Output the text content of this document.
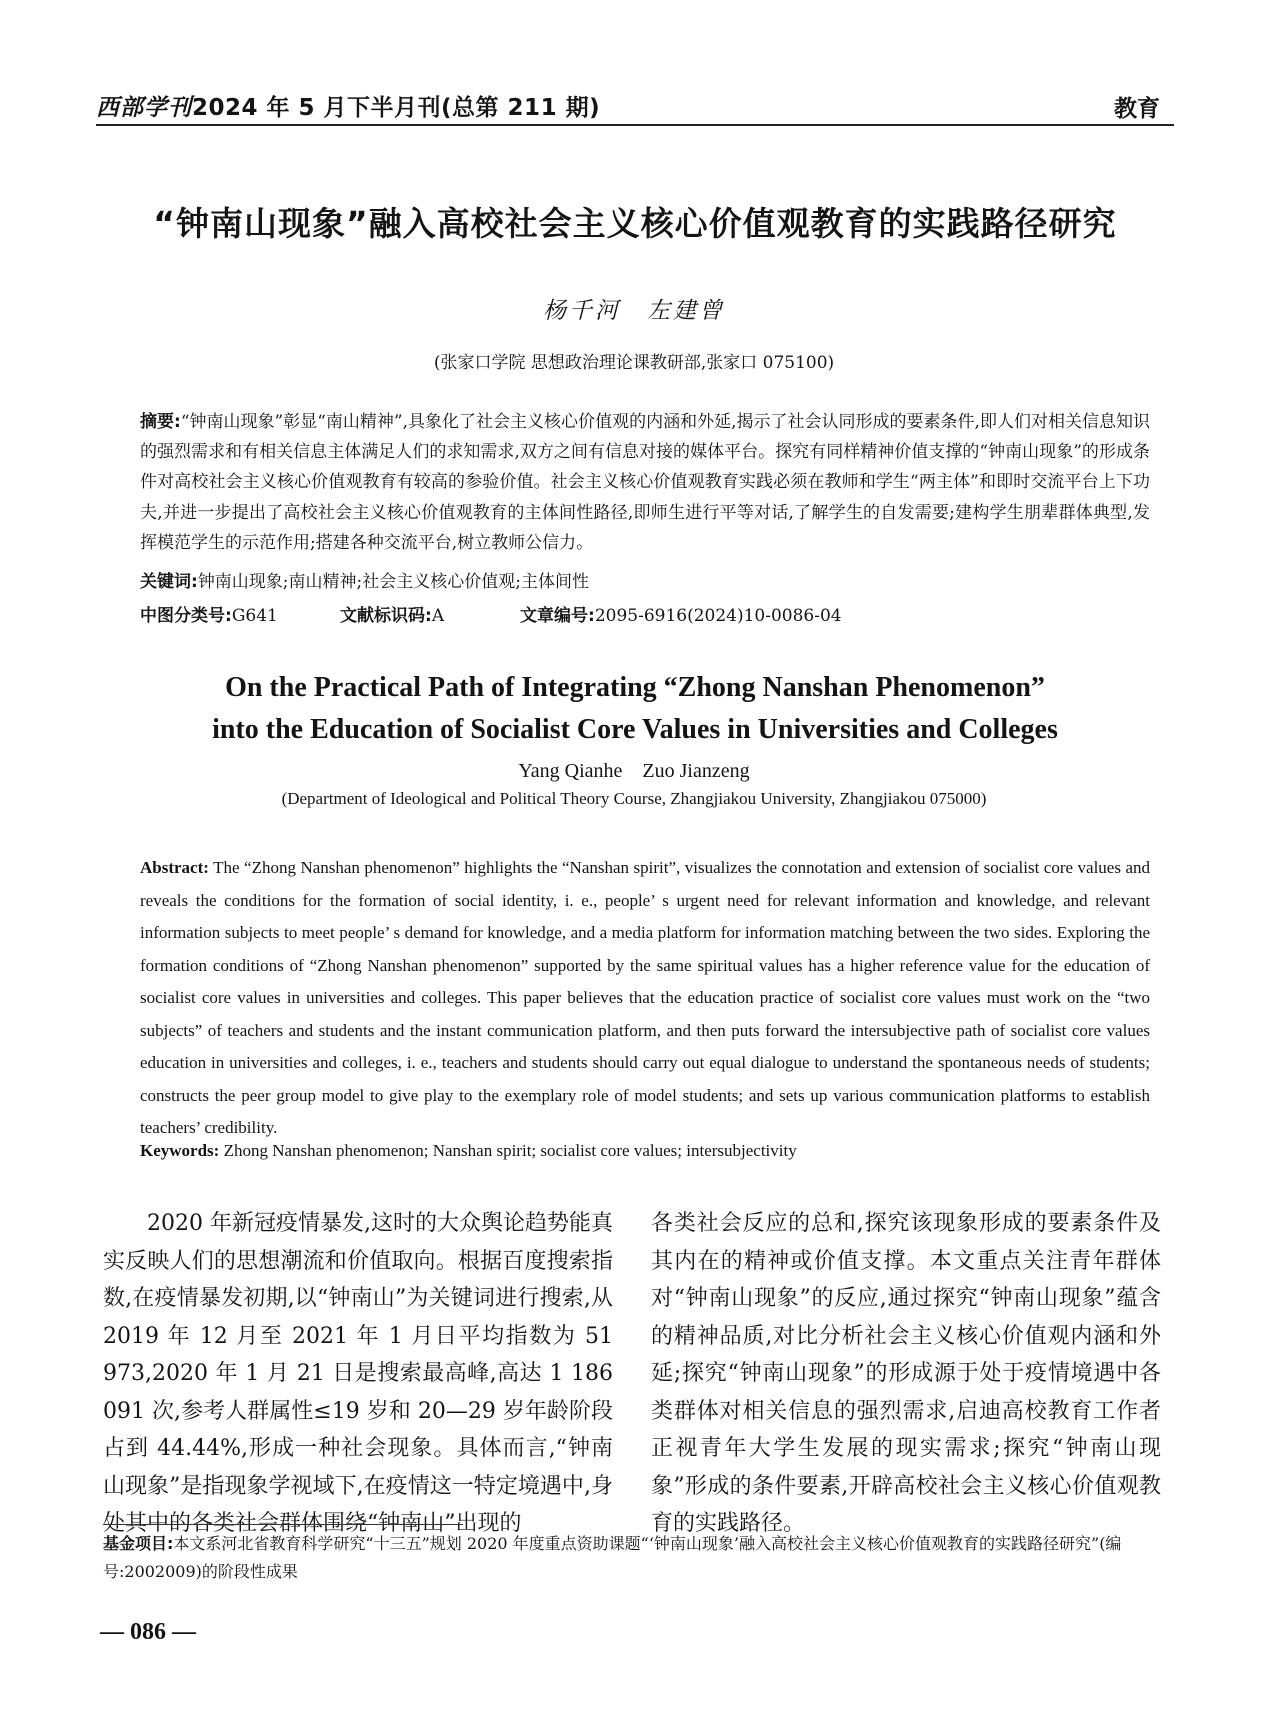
西部学刊2024 年 5 月下半月刊(总第 211 期)	教育
“钟南山现象”融入高校社会主义核心价值观教育的实践路径研究
杨千河　左建曾
(张家口学院 思想政治理论课教研部,张家口 075100)
摘要:“钟南山现象”彰显“南山精神”,具象化了社会主义核心价值观的内涵和外延,揭示了社会认同形成的要素条件,即人们对相关信息知识的强烈需求和有相关信息主体满足人们的求知需求,双方之间有信息对接的媒体平台。探究有同样精神价值支撑的“钟南山现象”的形成条件对高校社会主义核心价值观教育有较高的参验价值。社会主义核心价值观教育实践必须在教师和学生“两主体”和即时交流平台上下功夫,并进一步提出了高校社会主义核心价值观教育的主体间性路径,即师生进行平等对话,了解学生的自发需要;建构学生朋辈群体典型,发挥模范学生的示范作用;搭建各种交流平台,树立教师公信力。
关键词:钟南山现象;南山精神;社会主义核心价值观;主体间性
中图分类号:G641	文献标识码:A	文章编号:2095-6916(2024)10-0086-04
On the Practical Path of Integrating “Zhong Nanshan Phenomenon”
into the Education of Socialist Core Values in Universities and Colleges
Yang Qianhe　Zuo Jianzeng
(Department of Ideological and Political Theory Course, Zhangjiakou University, Zhangjiakou 075000)
Abstract: The “Zhong Nanshan phenomenon” highlights the “Nanshan spirit”, visualizes the connotation and extension of socialist core values and reveals the conditions for the formation of social identity, i. e., people’ s urgent need for relevant information and knowledge, and relevant information subjects to meet people’ s demand for knowledge, and a media platform for information matching between the two sides. Exploring the formation conditions of “Zhong Nanshan phenomenon” supported by the same spiritual values has a higher reference value for the education of socialist core values in universities and colleges. This paper believes that the education practice of socialist core values must work on the “two subjects” of teachers and students and the instant communication platform, and then puts forward the intersubjective path of socialist core values education in universities and colleges, i. e., teachers and students should carry out equal dialogue to understand the spontaneous needs of students; constructs the peer group model to give play to the exemplary role of model students; and sets up various communication platforms to establish teachers’ credibility.
Keywords: Zhong Nanshan phenomenon; Nanshan spirit; socialist core values; intersubjectivity

2020 年新冠疫情暴发,这时的大众舆论趋势能真实反映人们的思想潮流和价值取向。根据百度搜索指数,在疫情暴发初期,以“钟南山”为关键词进行搜索,从 2019 年 12 月至 2021 年 1 月日平均指数为 51 973,2020 年 1 月 21 日是搜索最高峰,高达 1 186 091 次,参考人群属性≤19 岁和 20—29 岁年龄阶段占到 44.44%,形成一种社会现象。具体而言,“钟南山现象”是指现象学视域下,在疫情这一特定境遇中,身处其中的各类社会群体围绕“钟南山”出现的

各类社会反应的总和,探究该现象形成的要素条件及其内在的精神或价值支撑。本文重点关注青年群体对“钟南山现象”的反应,通过探究“钟南山现象”蕴含的精神品质,对比分析社会主义核心价值观内涵和外延;探究“钟南山现象”的形成源于处于疫情境遇中各类群体对相关信息的强烈需求,启迪高校教育工作者正视青年大学生发展的现实需求;探究“钟南山现象”形成的条件要素,开辟高校社会主义核心价值观教育的实践路径。

基金项目:本文系河北省教育科学研究“十三五”规划 2020 年度重点资助课题“‘钟南山现象’融入高校社会主义核心价值观教育的实践路径研究”(编号:2002009)的阶段性成果
— 086 —
